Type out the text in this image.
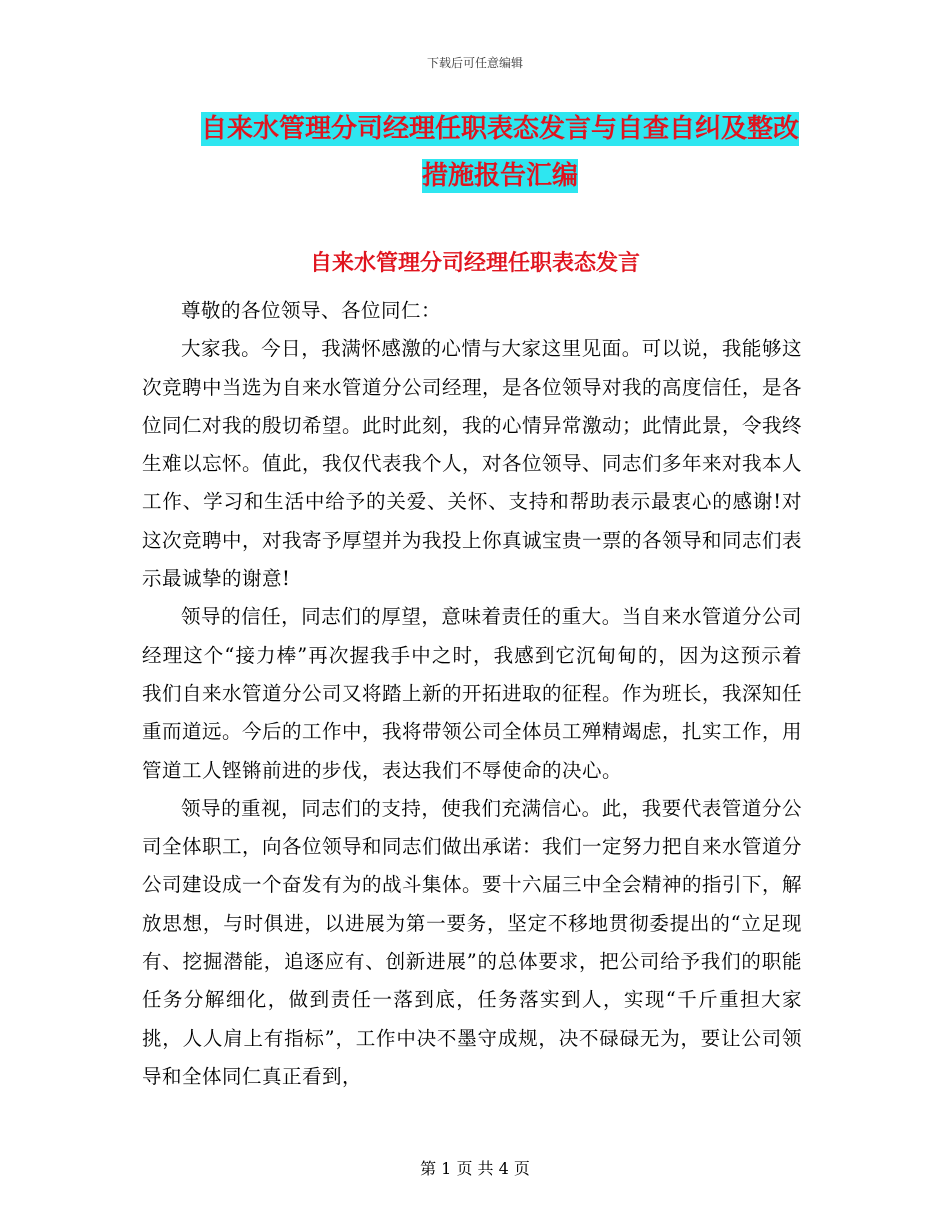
下载后可任意编辑
自来水管理分司经理任职表态发言与自查自纠及整改
措施报告汇编
自来水管理分司经理任职表态发言

尊敬的各位领导、各位同仁：

大家我。今日，我满怀感激的心情与大家这里见面。可以说，我能够这次竞聘中当选为自来水管道分公司经理，是各位领导对我的高度信任，是各位同仁对我的殷切希望。此时此刻，我的心情异常激动；此情此景，令我终生难以忘怀。值此，我仅代表我个人，对各位领导、同志们多年来对我本人工作、学习和生活中给予的关爱、关怀、支持和帮助表示最衷心的感谢!对这次竞聘中，对我寄予厚望并为我投上你真诚宝贵一票的各领导和同志们表示最诚挚的谢意!

领导的信任，同志们的厚望，意味着责任的重大。当自来水管道分公司经理这个“接力棒”再次握我手中之时，我感到它沉甸甸的，因为这预示着我们自来水管道分公司又将踏上新的开拓进取的征程。作为班长，我深知任重而道远。今后的工作中，我将带领公司全体员工殚精竭虑，扎实工作，用管道工人铿锵前进的步伐，表达我们不辱使命的决心。

领导的重视，同志们的支持，使我们充满信心。此，我要代表管道分公司全体职工，向各位领导和同志们做出承诺：我们一定努力把自来水管道分公司建设成一个奋发有为的战斗集体。要十六届三中全会精神的指引下，解放思想，与时俱进，以进展为第一要务，坚定不移地贯彻委提出的“立足现有、挖掘潜能，追逐应有、创新进展”的总体要求，把公司给予我们的职能任务分解细化，做到责任一落到底，任务落实到人，实现“千斤重担大家挑，人人肩上有指标”，工作中决不墨守成规，决不碌碌无为，要让公司领导和全体同仁真正看到，

第 1 页 共 4 页
